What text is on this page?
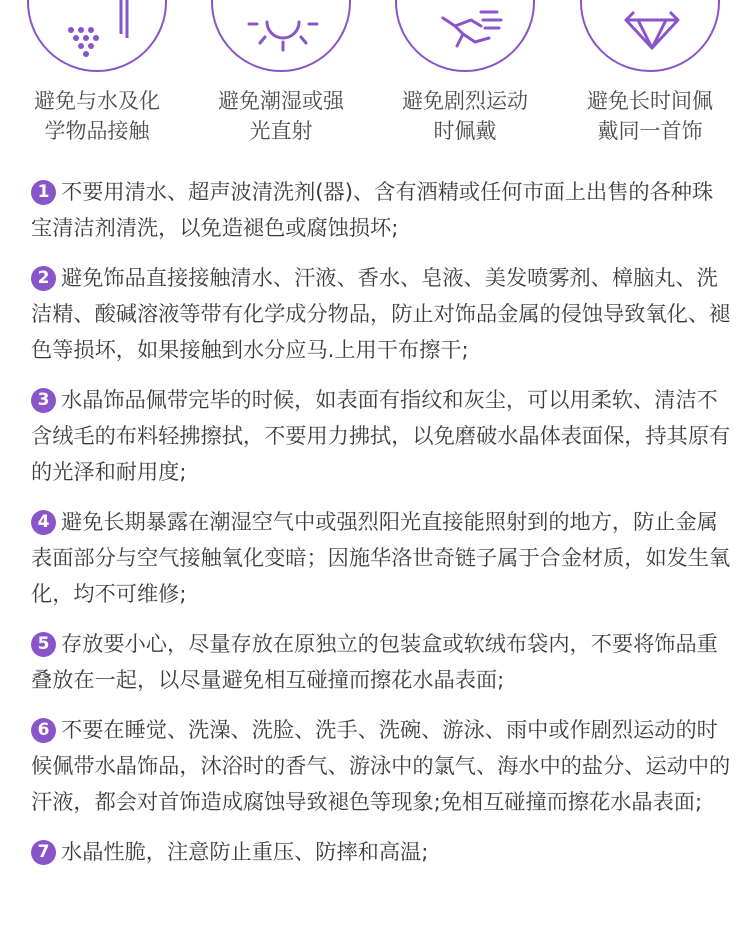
避免与水及化
学物品接触
避免潮湿或强
光直射
避免剧烈运动
时佩戴
避免长时间佩
戴同一首饰

1 不要用清水、超声波清洗剂(器)、含有酒精或任何市面上出售的各种珠宝清洁剂清洗，以免造褪色或腐蚀损坏;

2 避免饰品直接接触清水、汗液、香水、皂液、美发喷雾剂、樟脑丸、洗洁精、酸碱溶液等带有化学成分物品，防止对饰品金属的侵蚀导致氧化、褪色等损坏，如果接触到水分应马.上用干布擦干;

3 水晶饰品佩带完毕的时候，如表面有指纹和灰尘，可以用柔软、清洁不含绒毛的布料轻拂擦拭，不要用力拂拭，以免磨破水晶体表面保，持其原有的光泽和耐用度;

4 避免长期暴露在潮湿空气中或强烈阳光直接能照射到的地方，防止金属表面部分与空气接触氧化变暗；因施华洛世奇链子属于合金材质，如发生氧化，均不可维修;

5 存放要小心，尽量存放在原独立的包装盒或软绒布袋内，不要将饰品重叠放在一起，以尽量避免相互碰撞而擦花水晶表面;

6 不要在睡觉、洗澡、洗脸、洗手、洗碗、游泳、雨中或作剧烈运动的时候佩带水晶饰品，沐浴时的香气、游泳中的氯气、海水中的盐分、运动中的汗液，都会对首饰造成腐蚀导致褪色等现象;免相互碰撞而擦花水晶表面;

7 水晶性脆，注意防止重压、防摔和高温;
